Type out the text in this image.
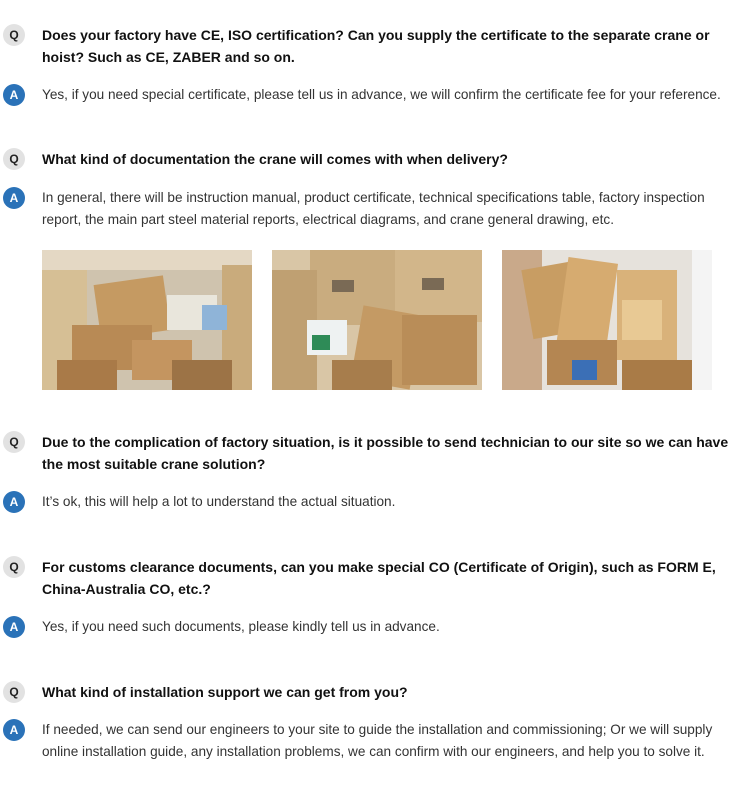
Q	Does your factory have CE, ISO certification? Can you supply the certificate to the separate crane or hoist? Such as CE, ZABER and so on.
A	Yes, if you need special certificate, please tell us in advance, we will confirm the certificate fee for your reference.
Q	What kind of documentation the crane will comes with when delivery?
A	In general, there will be instruction manual, product certificate, technical specifications table, factory inspection report, the main part steel material reports, electrical diagrams, and crane general drawing, etc.
Q	Due to the complication of factory situation, is it possible to send technician to our site so we can have the most suitable crane solution?
A	It’s ok, this will help a lot to understand the actual situation.
Q	For customs clearance documents, can you make special CO (Certificate of Origin), such as FORM E, China-Australia CO, etc.?
A	Yes, if you need such documents, please kindly tell us in advance.
Q	What kind of installation support we can get from you?
A	If needed, we can send our engineers to your site to guide the installation and commissioning; Or we will supply online installation guide, any installation problems, we can confirm with our engineers, and help you to solve it.
